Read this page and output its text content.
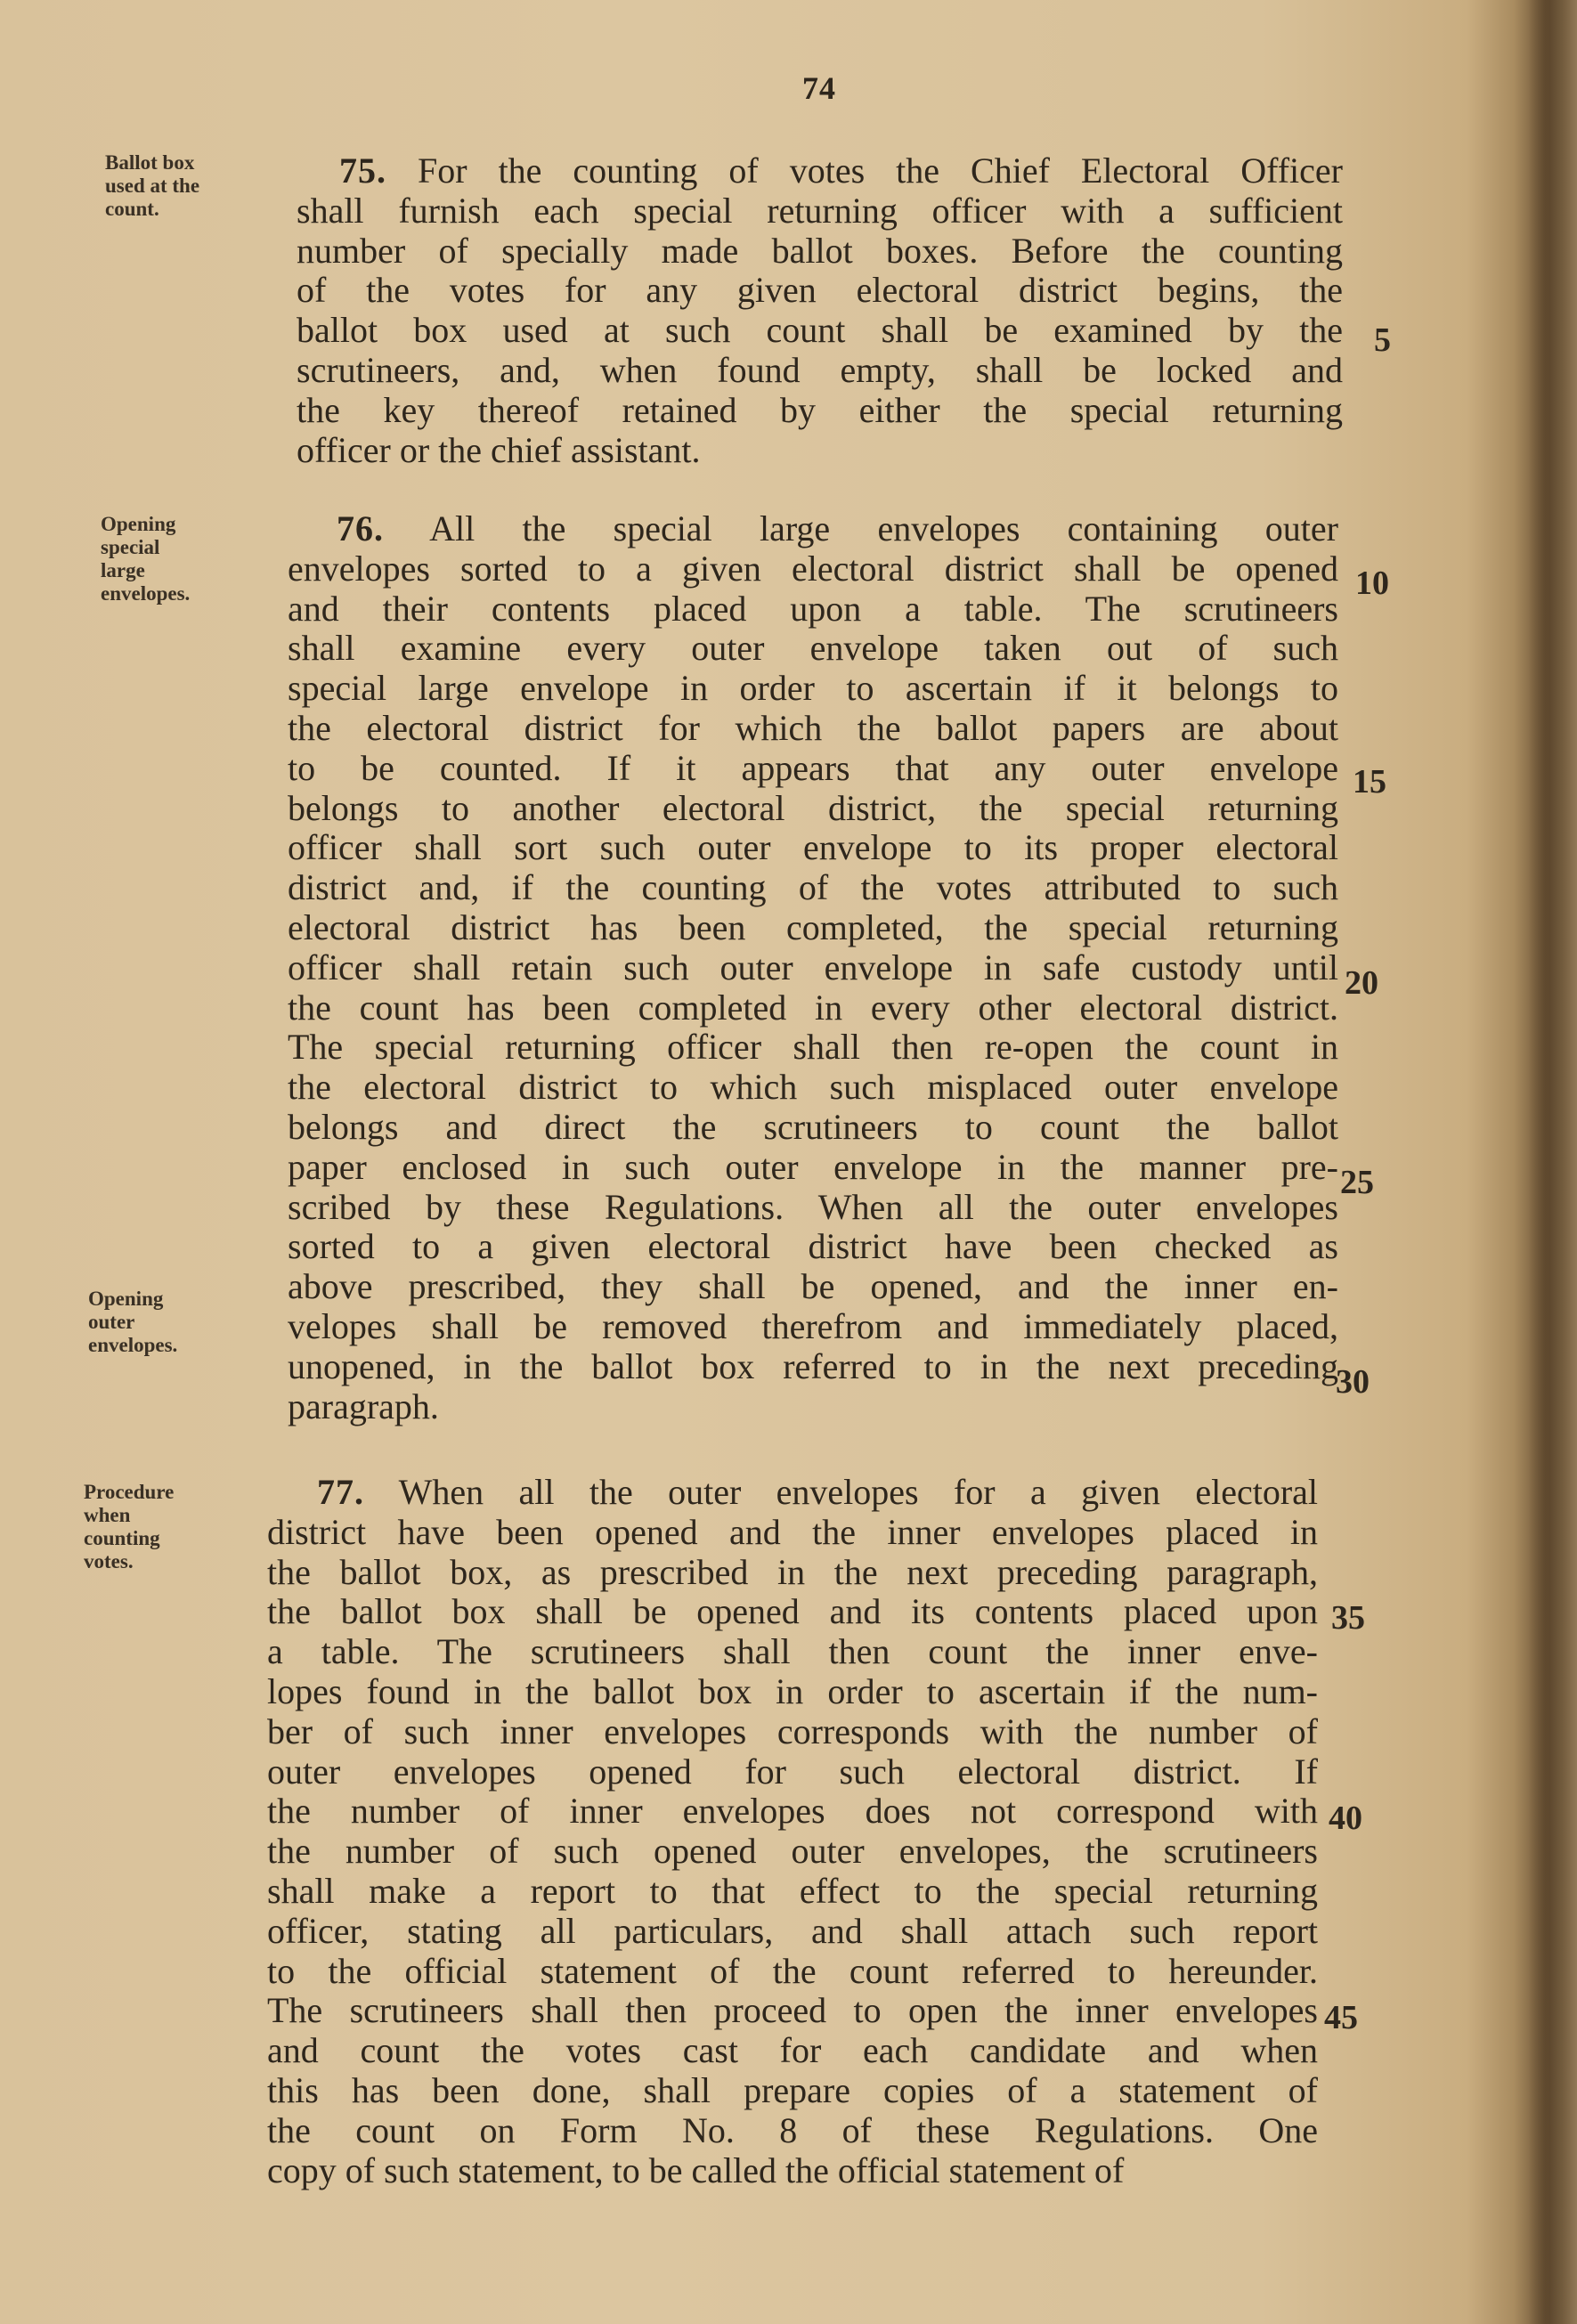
74
Ballot box
used at the
count.
Opening
special
large
envelopes.
Opening
outer
envelopes.
Procedure
when
counting
votes.
75. For the counting of votes the Chief Electoral Officer
shall furnish each special returning officer with a sufficient
number of specially made ballot boxes. Before the counting
of the votes for any given electoral district begins, the
ballot box used at such count shall be examined by the
scrutineers, and, when found empty, shall be locked and
the key thereof retained by either the special returning
officer or the chief assistant.
76. All the special large envelopes containing outer
envelopes sorted to a given electoral district shall be opened
and their contents placed upon a table. The scrutineers
shall examine every outer envelope taken out of such
special large envelope in order to ascertain if it belongs to
the electoral district for which the ballot papers are about
to be counted. If it appears that any outer envelope
belongs to another electoral district, the special returning
officer shall sort such outer envelope to its proper electoral
district and, if the counting of the votes attributed to such
electoral district has been completed, the special returning
officer shall retain such outer envelope in safe custody until
the count has been completed in every other electoral district.
The special returning officer shall then re-open the count in
the electoral district to which such misplaced outer envelope
belongs and direct the scrutineers to count the ballot
paper enclosed in such outer envelope in the manner pre-
scribed by these Regulations. When all the outer envelopes
sorted to a given electoral district have been checked as
above prescribed, they shall be opened, and the inner en-
velopes shall be removed therefrom and immediately placed,
unopened, in the ballot box referred to in the next preceding
paragraph.
77. When all the outer envelopes for a given electoral
district have been opened and the inner envelopes placed in
the ballot box, as prescribed in the next preceding paragraph,
the ballot box shall be opened and its contents placed upon
a table. The scrutineers shall then count the inner enve-
lopes found in the ballot box in order to ascertain if the num-
ber of such inner envelopes corresponds with the number of
outer envelopes opened for such electoral district. If
the number of inner envelopes does not correspond with
the number of such opened outer envelopes, the scrutineers
shall make a report to that effect to the special returning
officer, stating all particulars, and shall attach such report
to the official statement of the count referred to hereunder.
The scrutineers shall then proceed to open the inner envelopes
and count the votes cast for each candidate and when
this has been done, shall prepare copies of a statement of
the count on Form No. 8 of these Regulations. One
copy of such statement, to be called the official statement of
5
10
15
20
25
30
35
40
45
